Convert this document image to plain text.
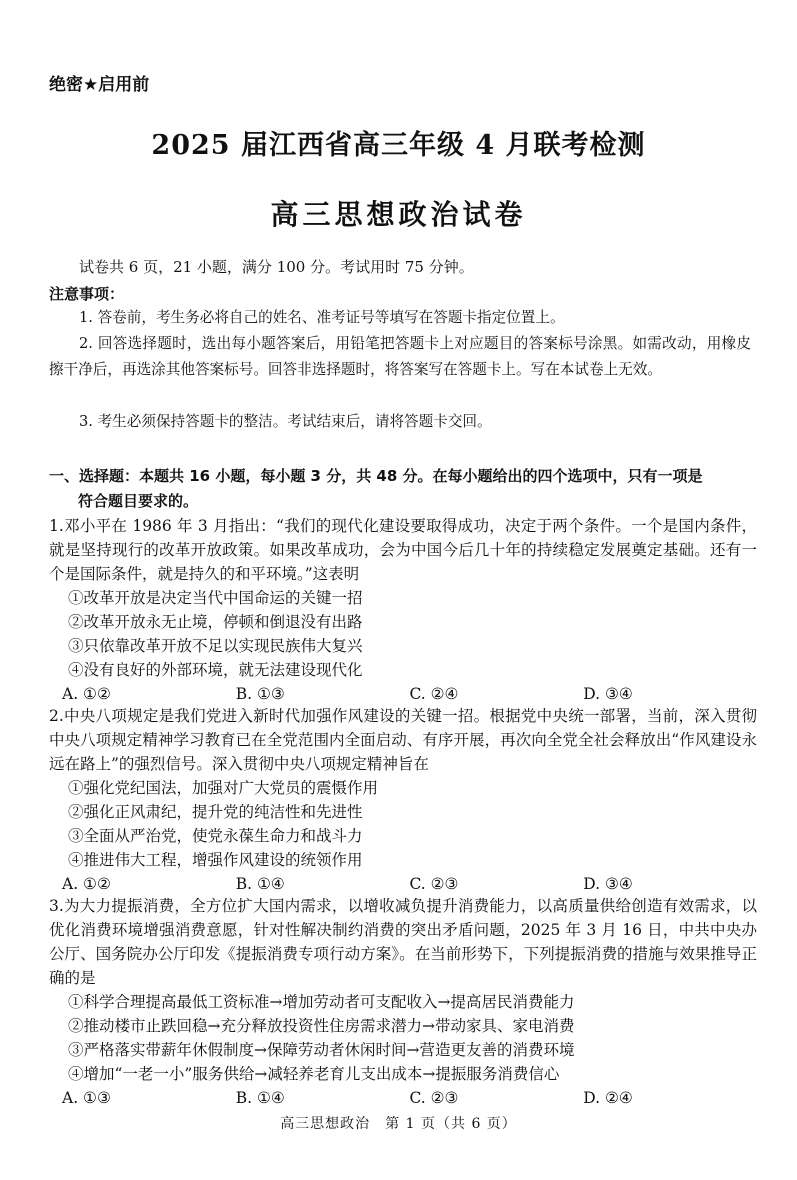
绝密★启用前
2025 届江西省高三年级 4 月联考检测
高三思想政治试卷
试卷共 6 页，21 小题，满分 100 分。考试用时 75 分钟。
注意事项：
1. 答卷前，考生务必将自己的姓名、准考证号等填写在答题卡指定位置上。
2. 回答选择题时，选出每小题答案后，用铅笔把答题卡上对应题目的答案标号涂黑。如需改动，用橡皮擦干净后，再选涂其他答案标号。回答非选择题时，将答案写在答题卡上。写在本试卷上无效。
3. 考生必须保持答题卡的整洁。考试结束后，请将答题卡交回。
一、选择题：本题共 16 小题，每小题 3 分，共 48 分。在每小题给出的四个选项中，只有一项是
符合题目要求的。
1.邓小平在 1986 年 3 月指出：“我们的现代化建设要取得成功，决定于两个条件。一个是国内条件，就是坚持现行的改革开放政策。如果改革成功，会为中国今后几十年的持续稳定发展奠定基础。还有一个是国际条件，就是持久的和平环境。”这表明
①改革开放是决定当代中国命运的关键一招
②改革开放永无止境，停顿和倒退没有出路
③只依靠改革开放不足以实现民族伟大复兴
④没有良好的外部环境，就无法建设现代化
A. ①②	B. ①③	C. ②④	D. ③④
2.中央八项规定是我们党进入新时代加强作风建设的关键一招。根据党中央统一部署，当前，深入贯彻中央八项规定精神学习教育已在全党范围内全面启动、有序开展，再次向全党全社会释放出“作风建设永远在路上”的强烈信号。深入贯彻中央八项规定精神旨在
①强化党纪国法，加强对广大党员的震慑作用
②强化正风肃纪，提升党的纯洁性和先进性
③全面从严治党，使党永葆生命力和战斗力
④推进伟大工程，增强作风建设的统领作用
A. ①②	B. ①④	C. ②③	D. ③④
3.为大力提振消费，全方位扩大国内需求，以增收减负提升消费能力，以高质量供给创造有效需求，以优化消费环境增强消费意愿，针对性解决制约消费的突出矛盾问题，2025 年 3 月 16 日，中共中央办公厅、国务院办公厅印发《提振消费专项行动方案》。在当前形势下，下列提振消费的措施与效果推导正确的是
①科学合理提高最低工资标准→增加劳动者可支配收入→提高居民消费能力
②推动楼市止跌回稳→充分释放投资性住房需求潜力→带动家具、家电消费
③严格落实带薪年休假制度→保障劳动者休闲时间→营造更友善的消费环境
④增加“一老一小”服务供给→减轻养老育儿支出成本→提振服务消费信心
A. ①③	B. ①④	C. ②③	D. ②④
高三思想政治　第 1 页（共 6 页）
